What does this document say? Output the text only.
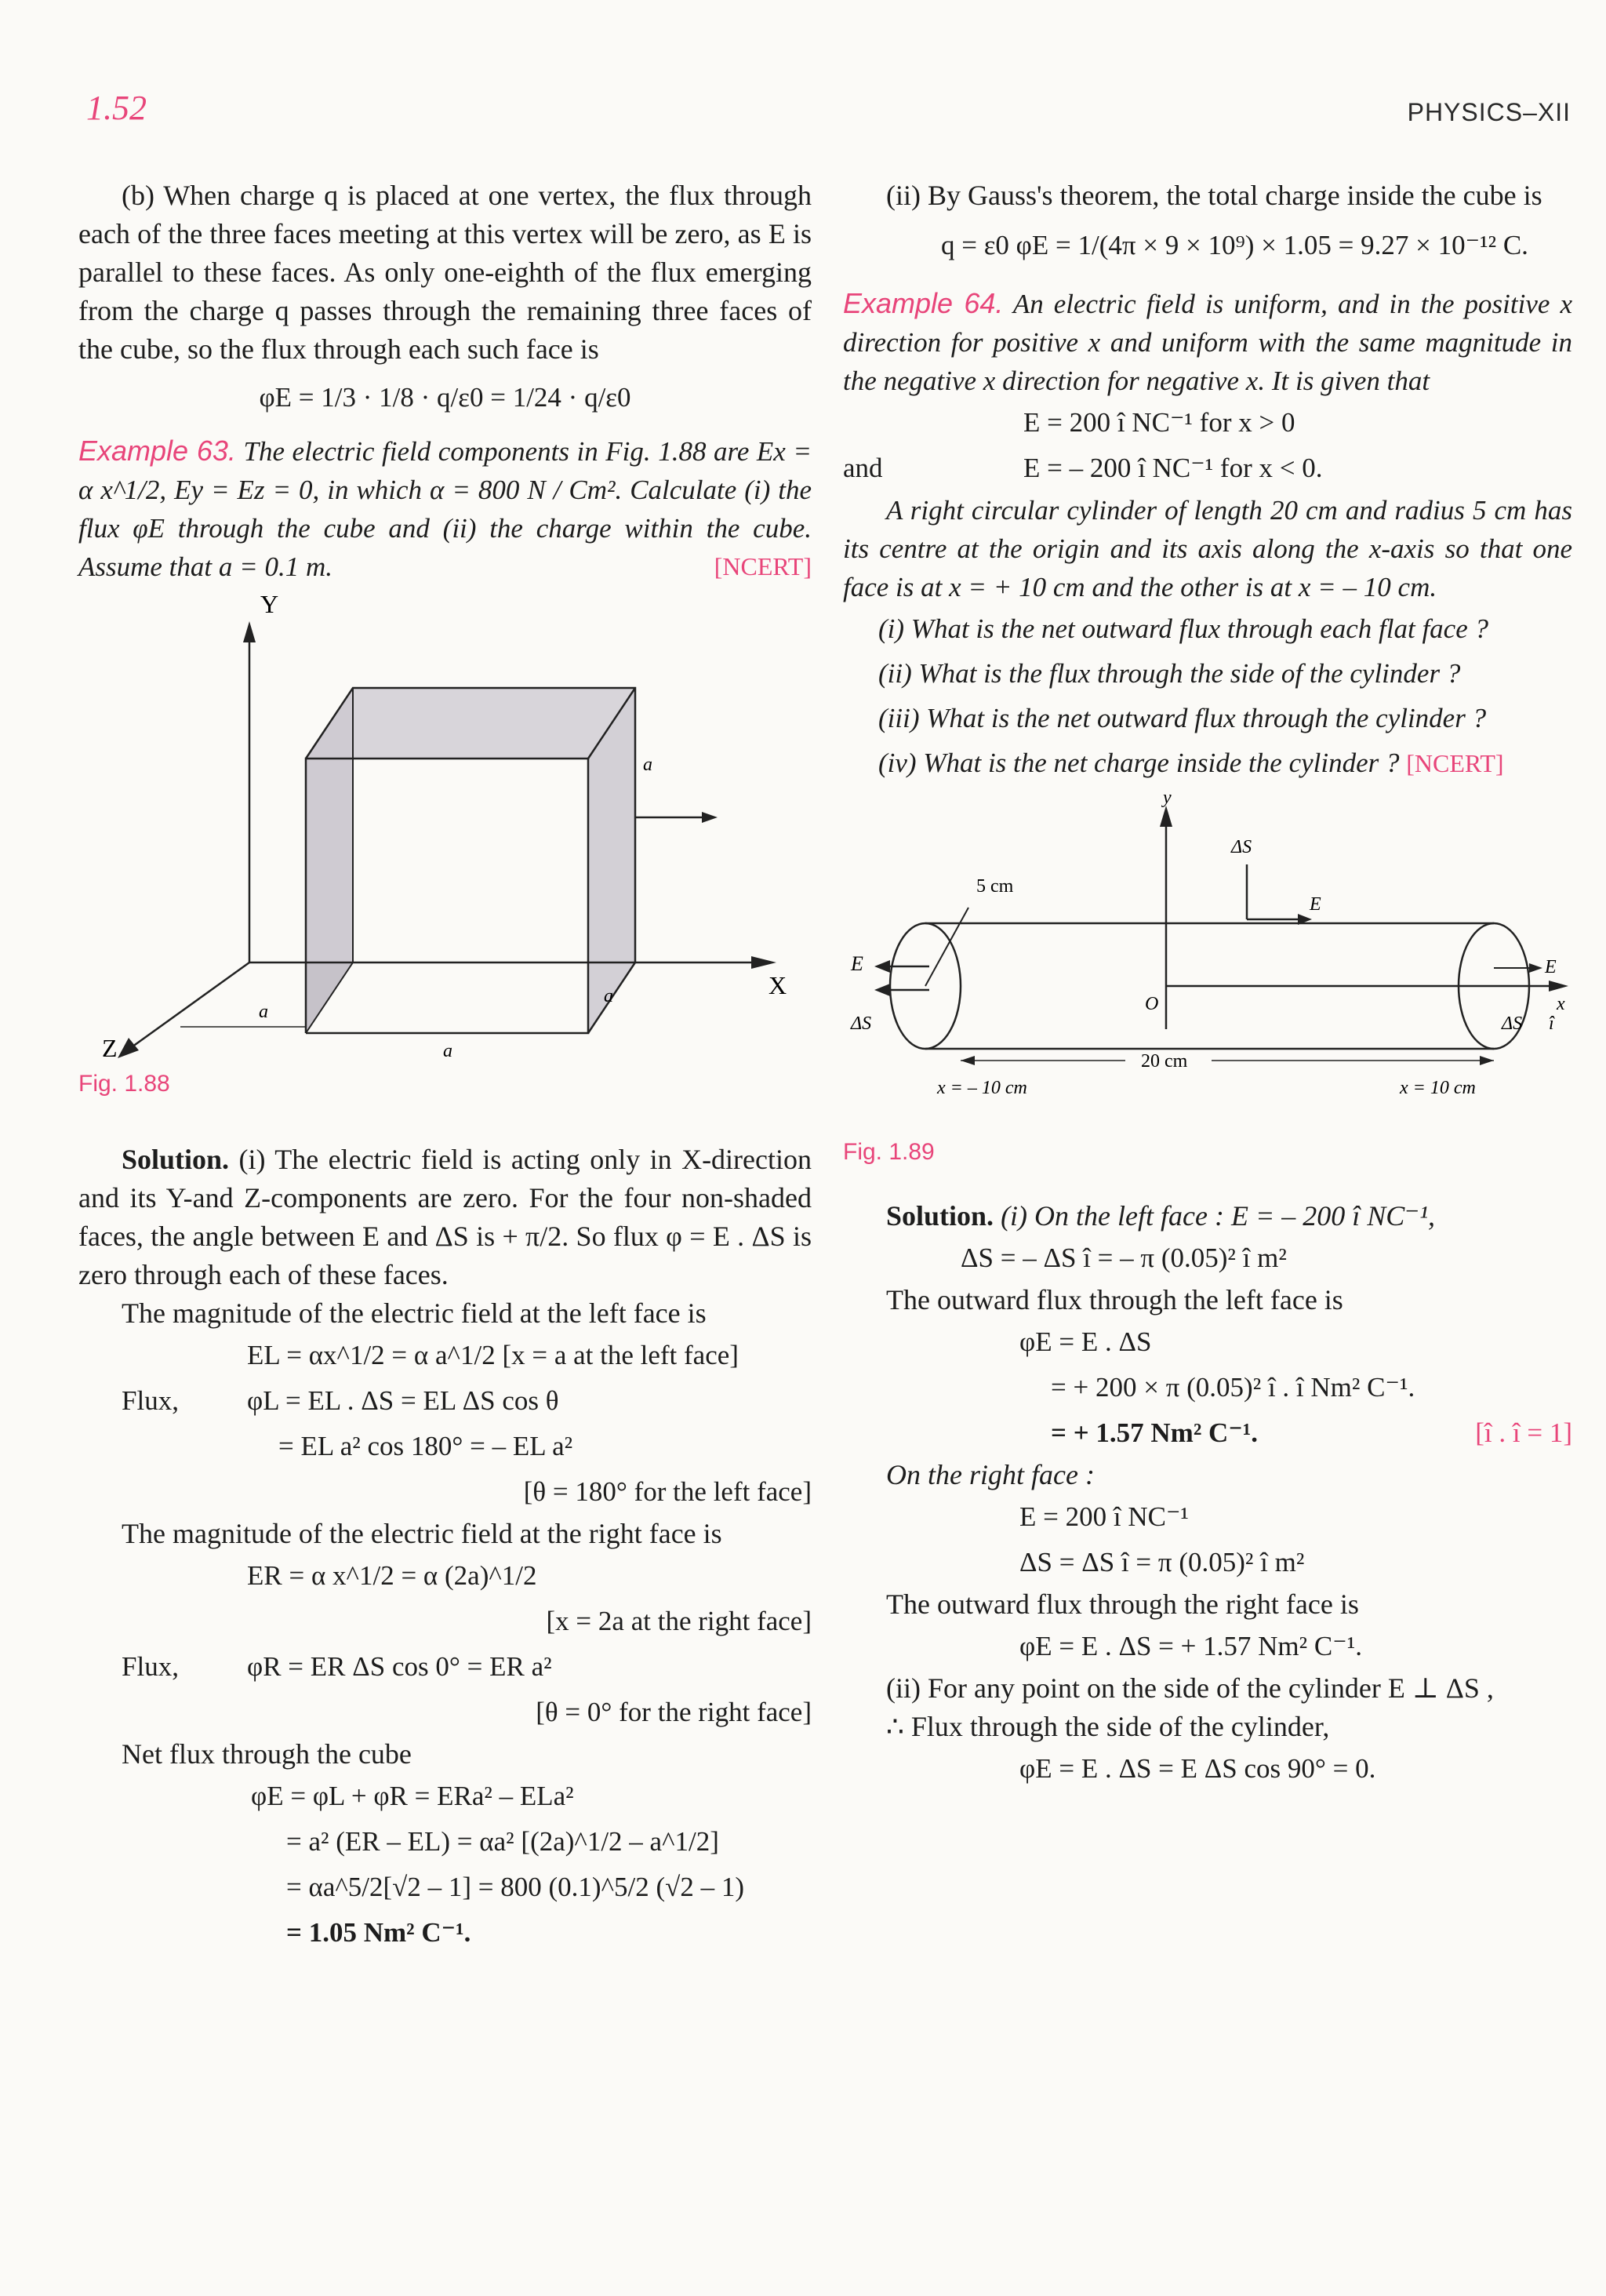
1.52	PHYSICS–XII

(b) When charge q is placed at one vertex, the flux through each of the three faces meeting at this vertex will be zero, as E is parallel to these faces. As only one-eighth of the flux emerging from the charge q passes through the remaining three faces of the cube, so the flux through each such face is

φE = 1/3 · 1/8 · q/ε0 = 1/24 · q/ε0
Example 63. The electric field components in Fig. 1.88 are Ex = α x^1/2, Ey = Ez = 0, in which α = 800 N / Cm². Calculate (i) the flux φE through the cube and (ii) the charge within the cube. Assume that a = 0.1 m.	[NCERT]
Y
X
Z
a
a
a
a
Fig. 1.88

Solution. (i) The electric field is acting only in X-direction and its Y-and Z-components are zero. For the four non-shaded faces, the angle between E and ΔS is + π/2. So flux φ = E . ΔS is zero through each of these faces.

The magnitude of the electric field at the left face is

EL = αx^1/2 = α a^1/2 [x = a at the left face]
Flux, φL = EL . ΔS = EL ΔS cos θ
= EL a² cos 180° = – EL a²
[θ = 180° for the left face]

The magnitude of the electric field at the right face is

ER = α x^1/2 = α (2a)^1/2
[x = 2a at the right face]
Flux, φR = ER ΔS cos 0° = ER a²
[θ = 0° for the right face]

Net flux through the cube

φE = φL + φR = ERa² – ELa²
= a² (ER – EL) = αa² [(2a)^1/2 – a^1/2]
= αa^5/2[√2 – 1] = 800 (0.1)^5/2 (√2 – 1)
= 1.05 Nm² C⁻¹.

(ii) By Gauss's theorem, the total charge inside the cube is

q = ε0 φE = 1/(4π × 9 × 10⁹) × 1.05 = 9.27 × 10⁻¹² C.
Example 64. An electric field is uniform, and in the positive x direction for positive x and uniform with the same magnitude in the negative x direction for negative x. It is given that
E = 200 î NC⁻¹ for x > 0
and	E = – 200 î NC⁻¹ for x < 0.
A right circular cylinder of length 20 cm and radius 5 cm has its centre at the origin and its axis along the x-axis so that one face is at x = + 10 cm and the other is at x = – 10 cm.
(i) What is the net outward flux through each flat face ?
(ii) What is the flux through the side of the cylinder ?
(iii) What is the net outward flux through the cylinder ?
(iv) What is the net charge inside the cylinder ? [NCERT]
y
x
O
5 cm
E
ΔS
ΔS
E
E
ΔS î
20 cm
x = – 10 cm	x = 10 cm
Fig. 1.89

Solution. (i) On the left face : E = – 200 î NC⁻¹,

ΔS = – ΔS î = – π (0.05)² î m²

The outward flux through the left face is

φE = E . ΔS
= + 200 × π (0.05)² î . î Nm² C⁻¹.
= + 1.57 Nm² C⁻¹.	[î . î = 1]
On the right face :
E = 200 î NC⁻¹
ΔS = ΔS î = π (0.05)² î m²

The outward flux through the right face is

φE = E . ΔS = + 1.57 Nm² C⁻¹.

(ii) For any point on the side of the cylinder E ⊥ ΔS ,

∴ Flux through the side of the cylinder,

φE = E . ΔS = E ΔS cos 90° = 0.
